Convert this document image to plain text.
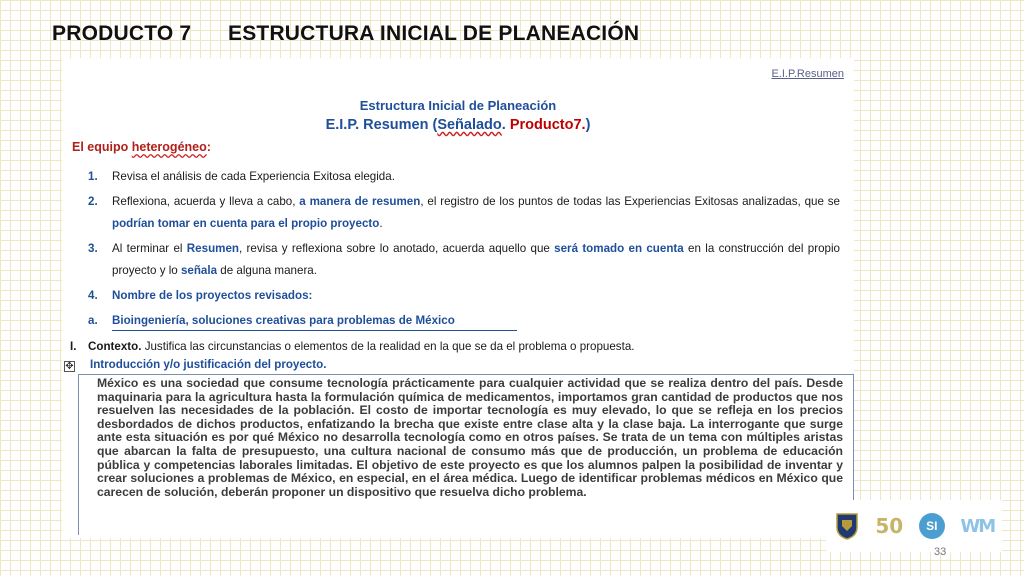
PRODUCTO 7 ESTRUCTURA INICIAL DE PLANEACIÓN
E.I.P.Resumen
Estructura Inicial de Planeación
E.I.P. Resumen (Señalado. Producto7.)
El equipo heterogéneo:
1. Revisa el análisis de cada Experiencia Exitosa elegida.
2. Reflexiona, acuerda y lleva a cabo, a manera de resumen, el registro de los puntos de todas las Experiencias Exitosas analizadas, que se podrían tomar en cuenta para el propio proyecto.
3. Al terminar el Resumen, revisa y reflexiona sobre lo anotado, acuerda aquello que será tomado en cuenta en la construcción del propio proyecto y lo señala de alguna manera.
4. Nombre de los proyectos revisados:
a. Bioingeniería, soluciones creativas para problemas de México
I. Contexto. Justifica las circunstancias o elementos de la realidad en la que se da el problema o propuesta.
✥ Introducción y/o justificación del proyecto.
México es una sociedad que consume tecnología prácticamente para cualquier actividad que se realiza dentro del país. Desde maquinaria para la agricultura hasta la formulación química de medicamentos, importamos gran cantidad de productos que nos resuelven las necesidades de la población. El costo de importar tecnología es muy elevado, lo que se refleja en los precios desbordados de dichos productos, enfatizando la brecha que existe entre clase alta y la clase baja. La interrogante que surge ante esta situación es por qué México no desarrolla tecnología como en otros países. Se trata de un tema con múltiples aristas que abarcan la falta de presupuesto, una cultura nacional de consumo más que de producción, un problema de educación pública y competencias laborales limitadas. El objetivo de este proyecto es que los alumnos palpen la posibilidad de inventar y crear soluciones a problemas de México, en especial, en el área médica. Luego de identificar problemas médicos en México que carecen de solución, deberán proponer un dispositivo que resuelva dicho problema.
50	SI	WM
33
